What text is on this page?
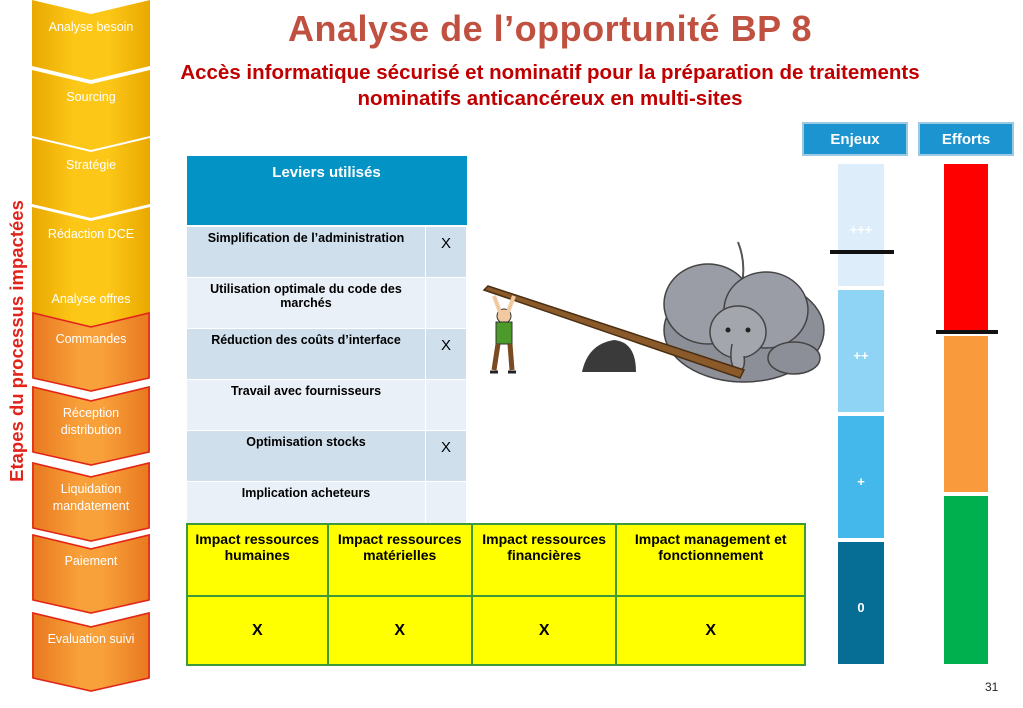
Etapes du processus impactées
Analyse besoin
Sourcing
Stratégie
Rédaction DCE
Analyse offres
Commandes
Réception distribution
Liquidation mandatement
Paiement
Evaluation suivi
Analyse de l’opportunité BP 8
Accès informatique sécurisé et nominatif pour la préparation de traitements nominatifs anticancéreux en multi-sites
Leviers utilisés	
Simplification de l’administration	X
Utilisation optimale du code des marchés	
Réduction des coûts d’interface	X
Travail avec fournisseurs	
Optimisation stocks	X
Implication acheteurs	
Impact ressources humaines	Impact ressources matérielles	Impact ressources financières	Impact management et fonctionnement
X	X	X	X
Enjeux	Efforts
+++
++
+
0
31
